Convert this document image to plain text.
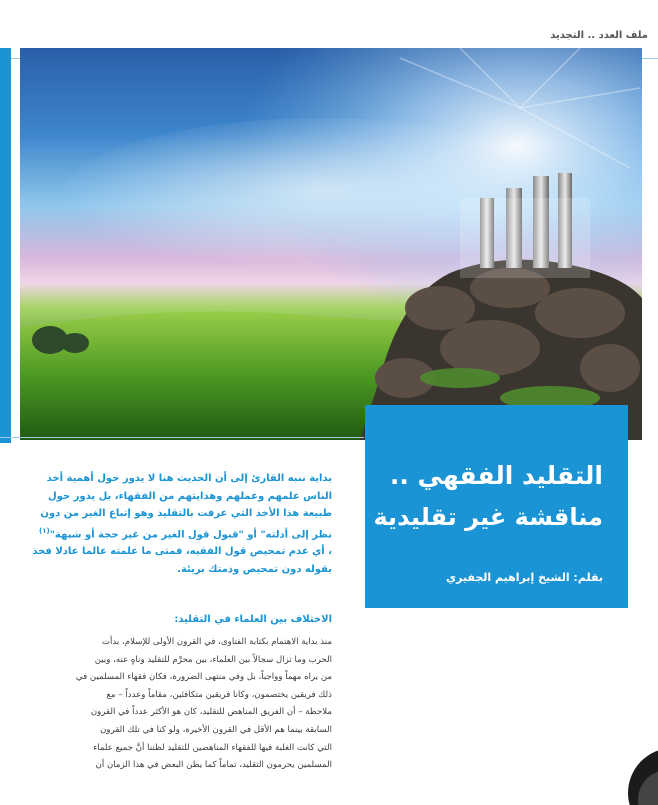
ملف العدد .. التجديد
التقليد الفقهي ..
مناقشة غير تقليدية
بقلم: الشيخ إبراهيم الجفيري
بداية ننبه القارئ إلى أن الحديث هنا لا يدور حول أهمية أخذ
الناس علمهم وعملهم وهدايتهم من الفقهاء، بل يدور حول
طبيعة هذا الأخذ التي عرفت بالتقليد وهو إتباع الغير من دون
نظر إلى أدلته" أو "قبول قول الغير من غير حجة أو شبهة"$^{(١)}$
، أي عدم تمحيص قول الفقيه، فمتى ما علمته عالما عادلا فخذ
بقوله دون تمحيص وذمتك بريئة.
الاختلاف بين العلماء في التقليد:
منذ بداية الاهتمام بكتابة الفتاوى، في القرون الأولى للإسلام، بدأت
الحرب وما تزال سجالاً بين العلماء، بين محرِّم للتقليد وناهٍ عنه، وبين
من يراه مهماً وواجباً، بل وفي منتهى الضرورة، فكان فقهاء المسلمين في
ذلك فريقين يختصمون، وكانا فريقين متكافئين، مقاماً وعدداً – مع
ملاحظة – أن الفريق المناهض للتقليد، كان هو الأكثر عدداً في القرون
السابقة بينما هم الأقل في القرون الأخيرة، ولو كنا في تلك القرون
التي كانت الغلبة فيها للفقهاء المناهضين للتقليد لظننا أنَّ جميع علماء
المسلمين يحرمون التقليد، تماماً كما يظن البعض في هذا الزمان أن
